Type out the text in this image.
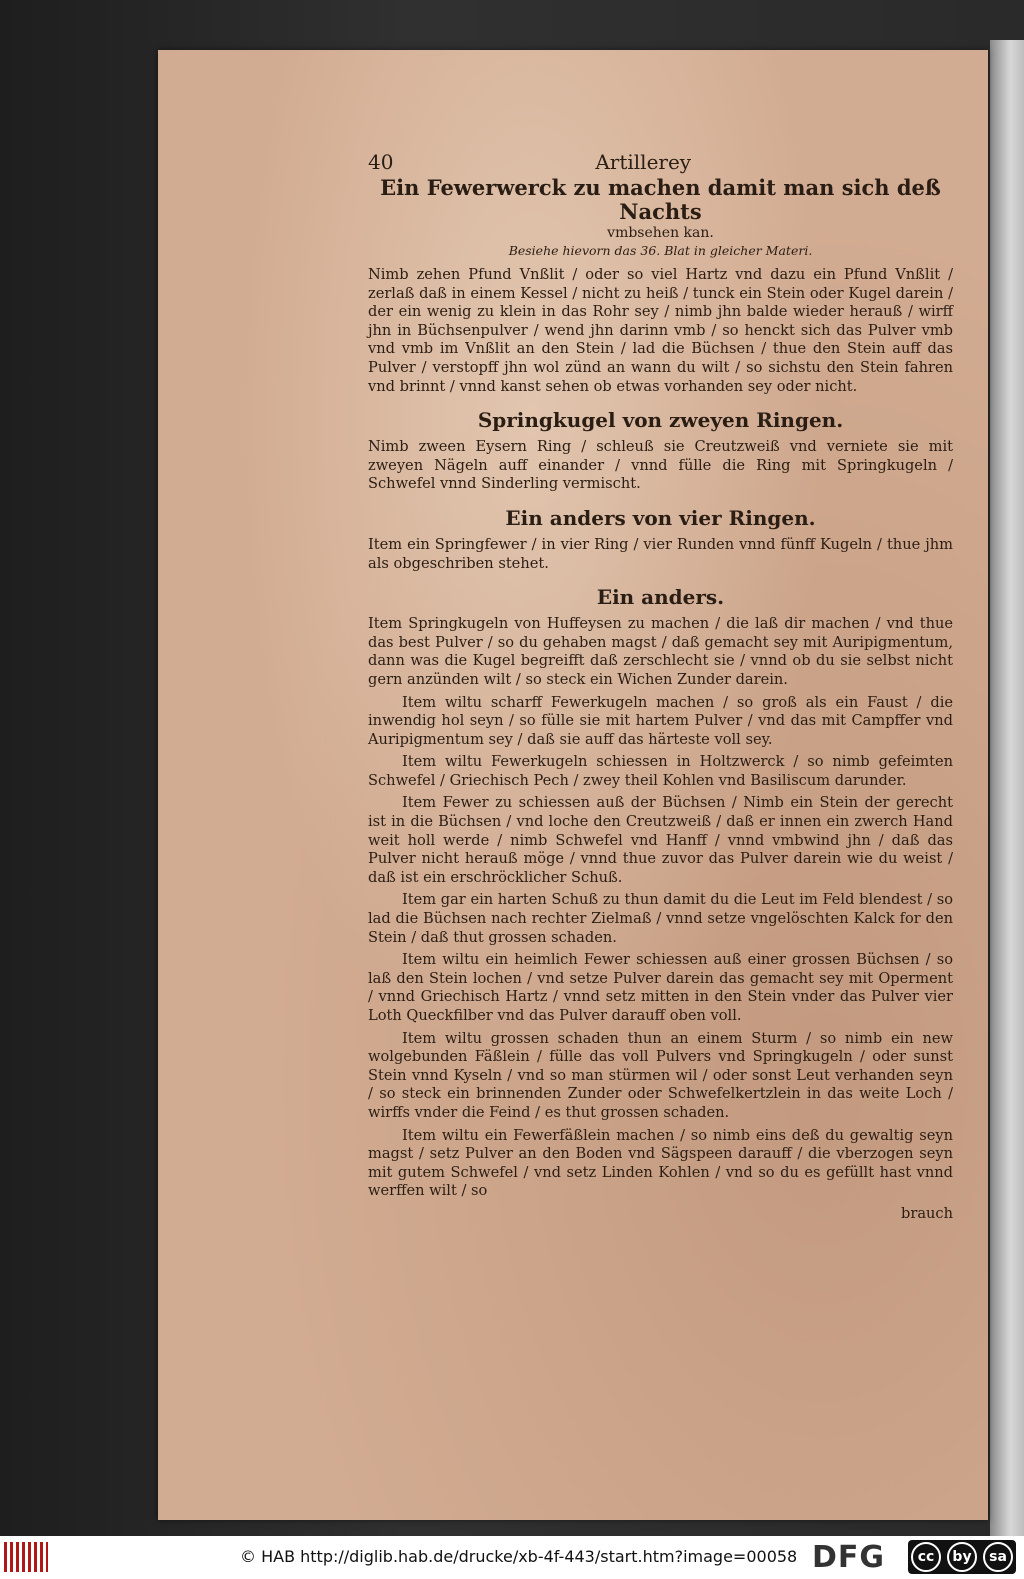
40	Artillerey
Ein Fewerwerck zu machen damit man sich deß Nachts
vmbsehen kan.
Besiehe hievorn das 36. Blat in gleicher Materi.

Nimb zehen Pfund Vnßlit / oder so viel Hartz vnd dazu ein Pfund Vnßlit / zerlaß daß in einem Kessel / nicht zu heiß / tunck ein Stein oder Kugel darein / der ein wenig zu klein in das Rohr sey / nimb jhn balde wieder herauß / wirff jhn in Büchsenpulver / wend jhn darinn vmb / so henckt sich das Pulver vmb vnd vmb im Vnßlit an den Stein / lad die Büchsen / thue den Stein auff das Pulver / verstopff jhn wol zünd an wann du wilt / so sichstu den Stein fahren vnd brinnt / vnnd kanst sehen ob etwas vorhanden sey oder nicht.

Springkugel von zweyen Ringen.

Nimb zween Eysern Ring / schleuß sie Creutzweiß vnd verniete sie mit zweyen Nägeln auff einander / vnnd fülle die Ring mit Springkugeln / Schwefel vnnd Sinderling vermischt.

Ein anders von vier Ringen.

Item ein Springfewer / in vier Ring / vier Runden vnnd fünff Kugeln / thue jhm als obgeschriben stehet.

Ein anders.

Item Springkugeln von Huffeysen zu machen / die laß dir machen / vnd thue das best Pulver / so du gehaben magst / daß gemacht sey mit Auripigmentum, dann was die Kugel begreifft daß zerschlecht sie / vnnd ob du sie selbst nicht gern anzünden wilt / so steck ein Wichen Zunder darein.

Item wiltu scharff Fewerkugeln machen / so groß als ein Faust / die inwendig hol seyn / so fülle sie mit hartem Pulver / vnd das mit Campffer vnd Auripigmentum sey / daß sie auff das härteste voll sey.

Item wiltu Fewerkugeln schiessen in Holtzwerck / so nimb gefeimten Schwefel / Griechisch Pech / zwey theil Kohlen vnd Basiliscum darunder.

Item Fewer zu schiessen auß der Büchsen / Nimb ein Stein der gerecht ist in die Büchsen / vnd loche den Creutzweiß / daß er innen ein zwerch Hand weit holl werde / nimb Schwefel vnd Hanff / vnnd vmbwind jhn / daß das Pulver nicht herauß möge / vnnd thue zuvor das Pulver darein wie du weist / daß ist ein erschröcklicher Schuß.

Item gar ein harten Schuß zu thun damit du die Leut im Feld blendest / so lad die Büchsen nach rechter Zielmaß / vnnd setze vngelöschten Kalck for den Stein / daß thut grossen schaden.

Item wiltu ein heimlich Fewer schiessen auß einer grossen Büchsen / so laß den Stein lochen / vnd setze Pulver darein das gemacht sey mit Operment / vnnd Griechisch Hartz / vnnd setz mitten in den Stein vnder das Pulver vier Loth Queckfilber vnd das Pulver darauff oben voll.

Item wiltu grossen schaden thun an einem Sturm / so nimb ein new wolgebunden Fäßlein / fülle das voll Pulvers vnd Springkugeln / oder sunst Stein vnnd Kyseln / vnd so man stürmen wil / oder sonst Leut verhanden seyn / so steck ein brinnenden Zunder oder Schwefelkertzlein in das weite Loch / wirffs vnder die Feind / es thut grossen schaden.

Item wiltu ein Fewerfäßlein machen / so nimb eins deß du gewaltig seyn magst / setz Pulver an den Boden vnd Sägspeen darauff / die vberzogen seyn mit gutem Schwefel / vnd setz Linden Kohlen / vnd so du es gefüllt hast vnnd werffen wilt / so

brauch
© HAB http://diglib.hab.de/drucke/xb-4f-443/start.htm?image=00058 DFG	cc	by	sa
